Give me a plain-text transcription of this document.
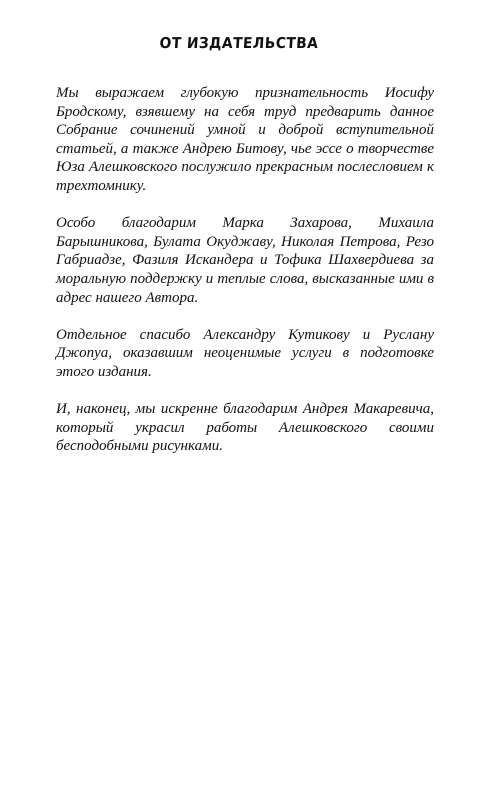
ОТ ИЗДАТЕЛЬСТВА

Мы выражаем глубокую признательность Иосифу Бродскому, взявшему на себя труд предварить данное Собрание сочинений умной и доброй вступительной статьей, а также Андрею Битову, чье эссе о творчестве Юза Алешковского послужило прекрасным послесловием к трехтомнику.

Особо благодарим Марка Захарова, Михаила Барышникова, Булата Окуджаву, Николая Петрова, Резо Габриадзе, Фазиля Искандера и Тофика Шахвердиева за моральную поддержку и теплые слова, высказанные ими в адрес нашего Автора.

Отдельное спасибо Александру Кутикову и Руслану Джопуа, оказавшим неоценимые услуги в подготовке этого издания.

И, наконец, мы искренне благодарим Андрея Макаревича, который украсил работы Алешковского своими бесподобными рисунками.
